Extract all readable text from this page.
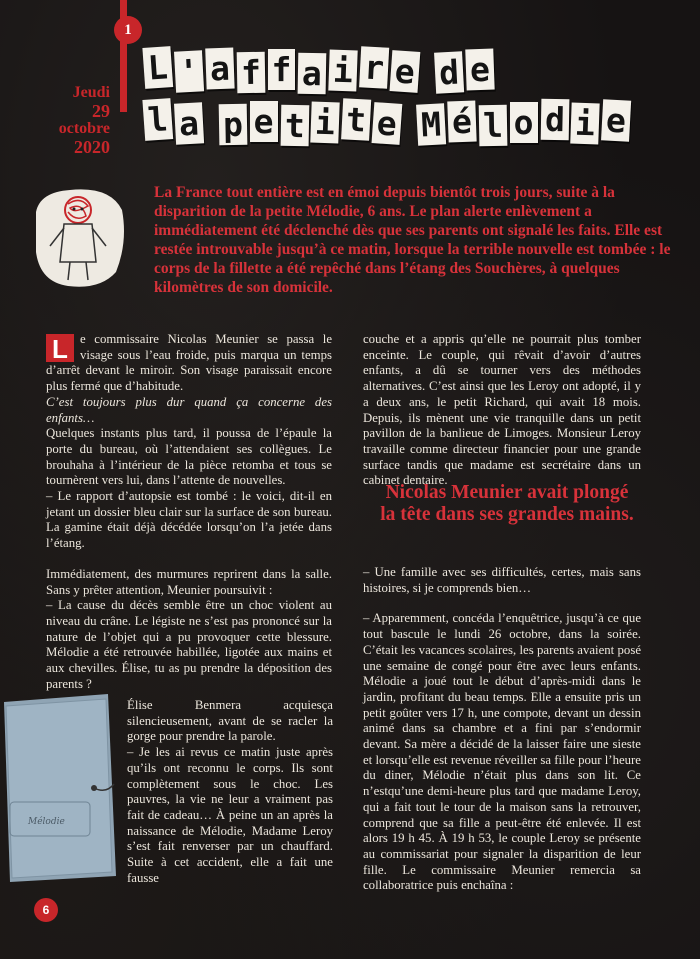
1
Jeudi
29
octobre
2020
L ' a f f a i r e d e
l a p e t i t e M é l o d i e
La France tout entière est en émoi depuis bientôt trois jours, suite à la disparition de la petite Mélodie, 6 ans. Le plan alerte enlèvement a immédiatement été déclenché dès que ses parents ont signalé les faits. Elle est restée introuvable jusqu’à ce matin, lorsque la terrible nouvelle est tombée : le corps de la fillette a été repêché dans l’étang des Souchères, à quelques kilomètres de son domicile.

L e commissaire Nicolas Meunier se passa le visage sous l’eau froide, puis marqua un temps d’arrêt devant le miroir. Son visage paraissait encore plus fermé que d’habitude.

C’est toujours plus dur quand ça concerne des enfants…

Quelques instants plus tard, il poussa de l’épaule la porte du bureau, où l’attendaient ses collègues. Le brouhaha à l’intérieur de la pièce retomba et tous se tournèrent vers lui, dans l’attente de nouvelles.

– Le rapport d’autopsie est tombé : le voici, dit-il en jetant un dossier bleu clair sur la surface de son bureau. La gamine était déjà décédée lorsqu’on l’a jetée dans l’étang.

Immédiatement, des murmures reprirent dans la salle. Sans y prêter attention, Meunier poursuivit :

– La cause du décès semble être un choc violent au niveau du crâne. Le légiste ne s’est pas prononcé sur la nature de l’objet qui a pu provoquer cette blessure. Mélodie a été retrouvée habillée, ligotée aux mains et aux chevilles. Élise, tu as pu prendre la déposition des parents ?

Mélodie

Élise Benmera acquiesça silencieusement, avant de se racler la gorge pour prendre la parole.

– Je les ai revus ce matin juste après qu’ils ont reconnu le corps. Ils sont complètement sous le choc. Les pauvres, la vie ne leur a vraiment pas fait de cadeau… À peine un an après la naissance de Mélodie, Madame Leroy s’est fait renverser par un chauffard. Suite à cet accident, elle a fait une fausse

couche et a appris qu’elle ne pourrait plus tomber enceinte. Le couple, qui rêvait d’avoir d’autres enfants, a dû se tourner vers des méthodes alternatives. C’est ainsi que les Leroy ont adopté, il y a deux ans, le petit Richard, qui avait 18 mois. Depuis, ils mènent une vie tranquille dans un petit pavillon de la banlieue de Limoges. Monsieur Leroy travaille comme directeur financier pour une grande surface tandis que madame est secrétaire dans un cabinet dentaire.

Nicolas Meunier avait plongé la tête dans ses grandes mains.

– Une famille avec ses difficultés, certes, mais sans histoires, si je comprends bien…

– Apparemment, concéda l’enquêtrice, jusqu’à ce que tout bascule le lundi 26 octobre, dans la soirée. C’était les vacances scolaires, les parents avaient posé une semaine de congé pour être avec leurs enfants. Mélodie a joué tout le début d’après-midi dans le jardin, profitant du beau temps. Elle a ensuite pris un petit goûter vers 17 h, une compote, devant un dessin animé dans sa chambre et a fini par s’endormir devant. Sa mère a décidé de la laisser faire une sieste et lorsqu’elle est revenue réveiller sa fille pour l’heure du diner, Mélodie n’était plus dans son lit. Ce n’estqu’une demi-heure plus tard que madame Leroy, qui a fait tout le tour de la maison sans la retrouver, comprend que sa fille a peut-être été enlevée. Il est alors 19 h 45. À 19 h 53, le couple Leroy se présente au commissariat pour signaler la disparition de leur fille. Le commissaire Meunier remercia sa collaboratrice puis enchaîna :

6
